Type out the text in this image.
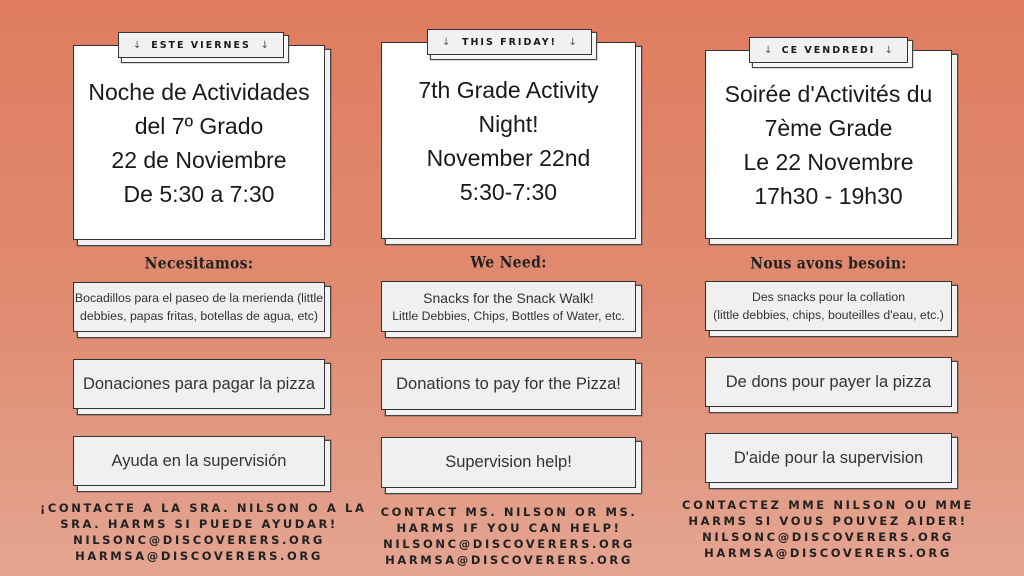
↓ ESTE VIERNES ↓
Noche de Actividades
del 7º Grado
22 de Noviembre
De 5:30 a 7:30
Necesitamos:
Bocadillos para el paseo de la merienda (little
debbies, papas fritas, botellas de agua, etc)
Donaciones para pagar la pizza
Ayuda en la supervisión
¡CONTACTE A LA SRA. NILSON O A LA
SRA. HARMS SI PUEDE AYUDAR!
NILSONC@DISCOVERERS.ORG
HARMSA@DISCOVERERS.ORG
↓ THIS FRIDAY! ↓
7th Grade Activity
Night!
November 22nd
5:30-7:30
We Need:
Snacks for the Snack Walk!
Little Debbies, Chips, Bottles of Water, etc.
Donations to pay for the Pizza!
Supervision help!
CONTACT MS. NILSON OR MS.
HARMS IF YOU CAN HELP!
NILSONC@DISCOVERERS.ORG
HARMSA@DISCOVERERS.ORG
↓ CE VENDREDI ↓
Soirée d'Activités du
7ème Grade
Le 22 Novembre
17h30 - 19h30
Nous avons besoin:
Des snacks pour la collation
(little debbies, chips, bouteilles d'eau, etc.)
De dons pour payer la pizza
D'aide pour la supervision
CONTACTEZ MME NILSON OU MME
HARMS SI VOUS POUVEZ AIDER!
NILSONC@DISCOVERERS.ORG
HARMSA@DISCOVERERS.ORG
